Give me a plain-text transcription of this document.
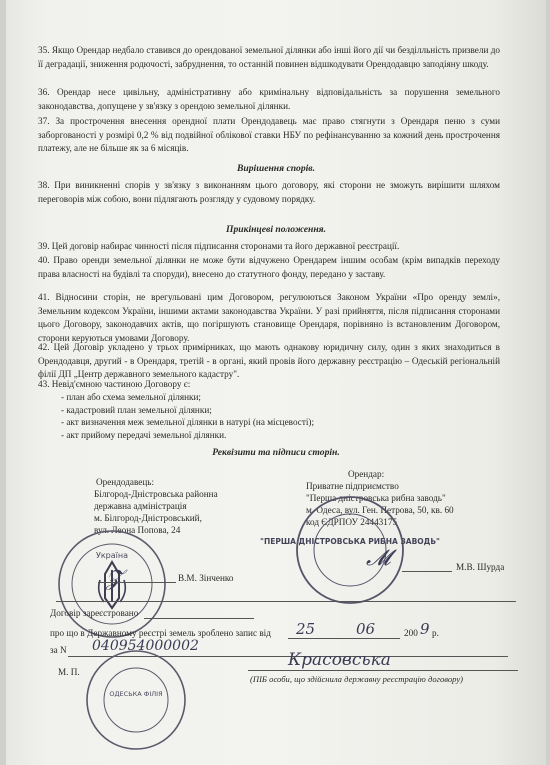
35. Якщо Орендар недбало ставився до орендованої земельної ділянки або інші його дії чи безділльність призвели до її деградації, зниження родючості, забруднення, то останній повинен відшкодувати Орендодавцю заподіяну шкоду.
36. Орендар несе цивільну, адміністративну або кримінальну відповідальність за порушення земельного законодавства, допущене у зв'язку з орендою земельної ділянки.
37. За прострочення внесення орендної плати Орендодавець має право стягнути з Орендаря пеню з суми заборгованості у розмірі 0,2 % від подвійної облікової ставки НБУ по рефінансуванню за кожний день прострочення платежу, але не більше як за 6 місяців.
Вирішення спорів.
38. При виникненні спорів у зв'язку з виконанням цього договору, які сторони не зможуть вирішити шляхом переговорів між собою, вони підлягають розгляду у судовому порядку.
Прикінцеві положення.
39. Цей договір набирає чинності після підписання сторонами та його державної реєстрації.
40. Право оренди земельної ділянки не може бути відчужено Орендарем іншим особам (крім випадків переходу права власності на будівлі та споруди), внесено до статутного фонду, передано у заставу.
41. Відносини сторін, не врегульовані цим Договором, регулюються Законом України «Про оренду землі», Земельним кодексом України, іншими актами законодавства України. У разі прийняття, після підписання сторонами цього Договору, законодавчих актів, що погіршують становище Орендаря, порівняно із встановленим Договором, сторони керуються умовами Договору.
42. Цей Договір укладено у трьох примірниках, що мають однакову юридичну силу, один з яких знаходиться в Орендодавця, другий - в Орендаря, третій - в органі, який провів його державну реєстрацію – Одеській регіональній філії ДП „Центр державного земельного кадастру".
43. Невід'ємною частиною Договору є:
- план або схема земельної ділянки;
- кадастровий план земельної ділянки;
- акт визначення меж земельної ділянки в натурі (на місцевості);
- акт прийому передачі земельної ділянки.
Реквізити та підписи сторін.
Орендодавець:
Білгород-Дністровська районна
державна адміністрація
м. Білгород-Дністровський,
вул. Леона Попова, 24
Орендар:
Приватне підприємство
"Перша дністровська рибна заводь"
м. Одеса, вул. Ген. Петрова, 50, кв. 60
код ЄДРПОУ 24443175
Україна
𝒵	В.М. Зінченко
"ПЕРША ДНІСТРОВСЬКА РИБНА ЗАВОДЬ"
𝓜	М.В. Шурда
Договір зареєстровано
про що в Державному реєстрі земель зроблено запис від 25	06	200 9 р.
за N 040954000002
ОДЕСЬКА ФІЛІЯ
М. П.
Красовська
(ПІБ особи, що здійснила державну реєстрацію договору)
